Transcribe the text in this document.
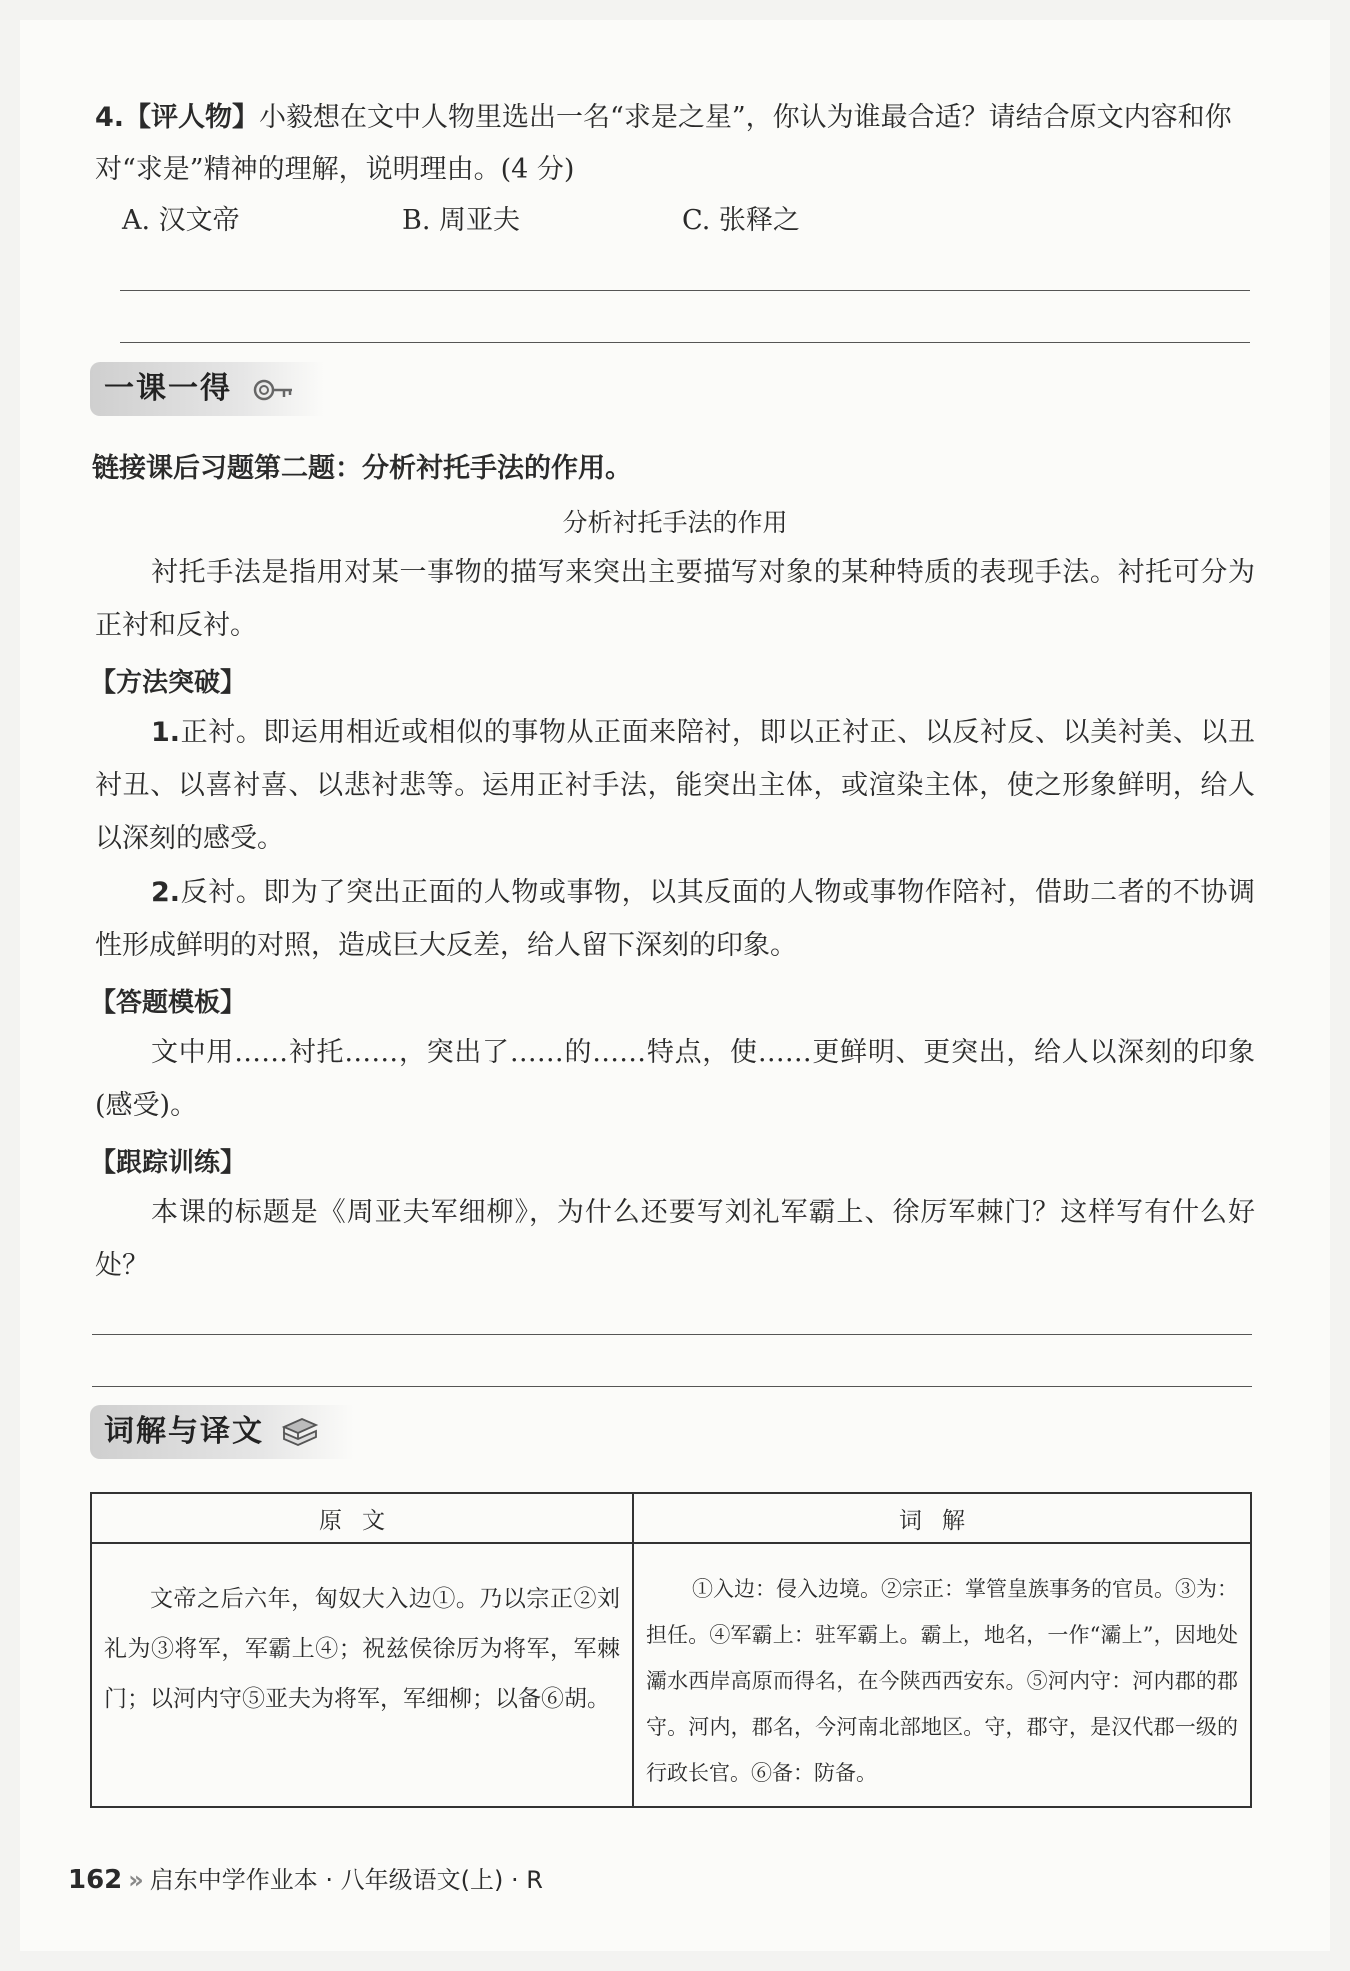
4.【评人物】小毅想在文中人物里选出一名“求是之星”，你认为谁最合适？请结合原文内容和你对“求是”精神的理解，说明理由。(4 分)
A. 汉文帝	B. 周亚夫	C. 张释之
一课一得
链接课后习题第二题：分析衬托手法的作用。
分析衬托手法的作用
衬托手法是指用对某一事物的描写来突出主要描写对象的某种特质的表现手法。衬托可分为正衬和反衬。
【方法突破】
1.正衬。即运用相近或相似的事物从正面来陪衬，即以正衬正、以反衬反、以美衬美、以丑衬丑、以喜衬喜、以悲衬悲等。运用正衬手法，能突出主体，或渲染主体，使之形象鲜明，给人以深刻的感受。
2.反衬。即为了突出正面的人物或事物，以其反面的人物或事物作陪衬，借助二者的不协调性形成鲜明的对照，造成巨大反差，给人留下深刻的印象。
【答题模板】
文中用……衬托……，突出了……的……特点，使……更鲜明、更突出，给人以深刻的印象(感受)。
【跟踪训练】
本课的标题是《周亚夫军细柳》，为什么还要写刘礼军霸上、徐厉军棘门？这样写有什么好处？
词解与译文
原文	词解

文帝之后六年，匈奴大入边①。乃以宗正②刘礼为③将军，军霸上④；祝兹侯徐厉为将军，军棘门；以河内守⑤亚夫为将军，军细柳；以备⑥胡。	①入边：侵入边境。②宗正：掌管皇族事务的官员。③为：担任。④军霸上：驻军霸上。霸上，地名，一作“灞上”，因地处灞水西岸高原而得名，在今陕西西安东。⑤河内守：河内郡的郡守。河内，郡名，今河南北部地区。守，郡守，是汉代郡一级的行政长官。⑥备：防备。
162 » 启东中学作业本 · 八年级语文(上) · R
